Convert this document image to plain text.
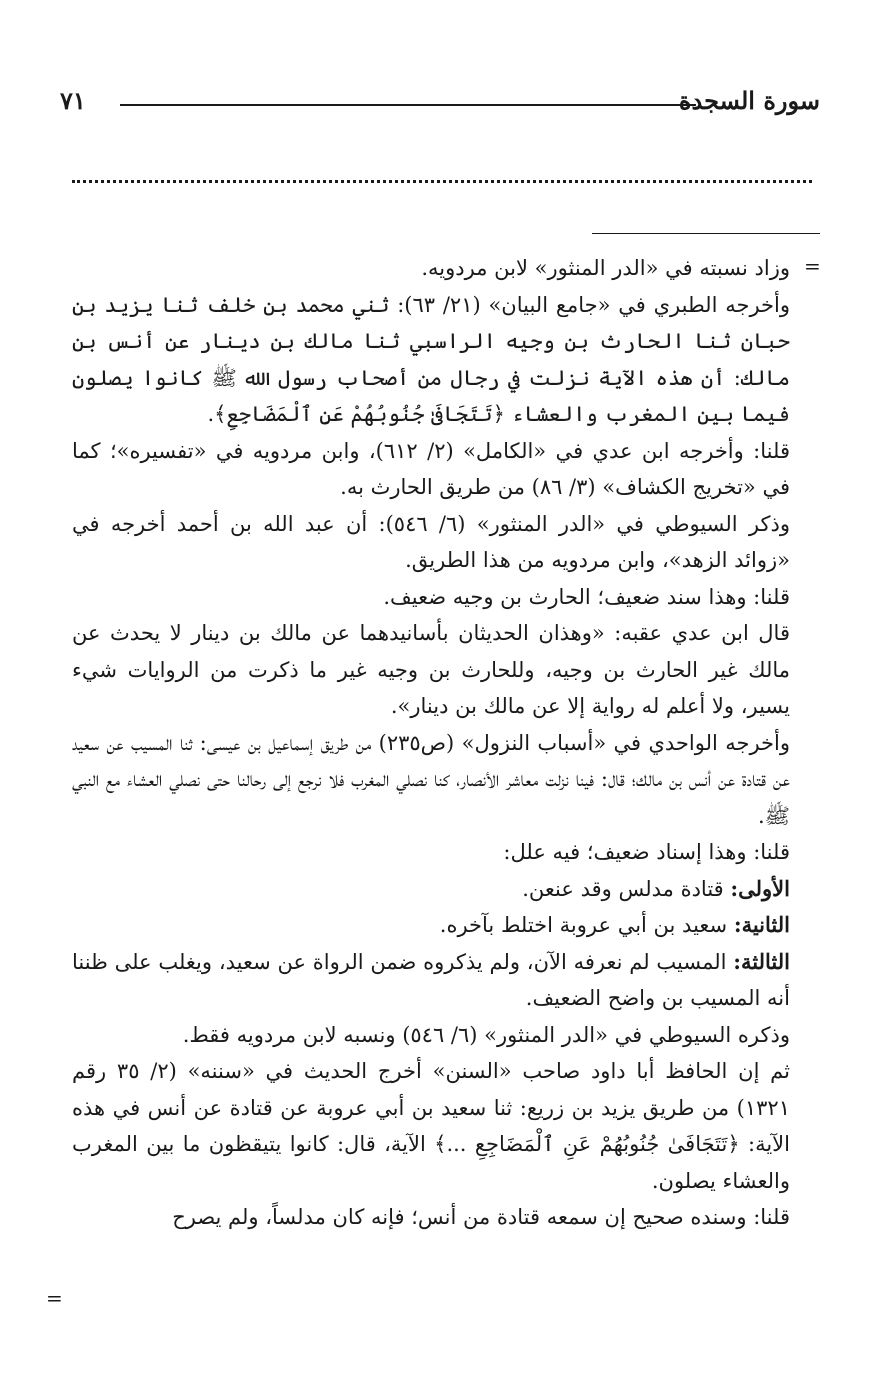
سورة السجدة
٧١
=
=

وزاد نسبته في «الدر المنثور» لابن مردويه.

وأخرجه الطبري في «جامع البيان» (٢١/ ٦٣): ثني محمد بن خلف ثنا يزيد بن حبان ثنا الحارث بن وجيه الراسبي ثنا مالك بن دينار عن أنس بن مالك: أن هذه الآية نزلت في رجال من أصحاب رسول الله ﷺ كانوا يصلون فيما بين المغرب والعشاء ﴿تَتَجَافَىٰ جُنُوبُهُمْ عَنِ ٱلْمَضَاجِعِ﴾.

قلنا: وأخرجه ابن عدي في «الكامل» (٢/ ٦١٢)، وابن مردويه في «تفسيره»؛ كما في «تخريج الكشاف» (٣/ ٨٦) من طريق الحارث به.

وذكر السيوطي في «الدر المنثور» (٦/ ٥٤٦): أن عبد الله بن أحمد أخرجه في «زوائد الزهد»، وابن مردويه من هذا الطريق.

قلنا: وهذا سند ضعيف؛ الحارث بن وجيه ضعيف.

قال ابن عدي عقبه: «وهذان الحديثان بأسانيدهما عن مالك بن دينار لا يحدث عن مالك غير الحارث بن وجيه، وللحارث بن وجيه غير ما ذكرت من الروايات شيء يسير، ولا أعلم له رواية إلا عن مالك بن دينار».

وأخرجه الواحدي في «أسباب النزول» (ص٢٣٥) من طريق إسماعيل بن عيسى: ثنا المسيب عن سعيد عن قتادة عن أنس بن مالك؛ قال: فينا نزلت معاشر الأنصار، كنا نصلي المغرب فلا نرجع إلى رحالنا حتى نصلي العشاء مع النبي ﷺ.

قلنا: وهذا إسناد ضعيف؛ فيه علل:

الأولى: قتادة مدلس وقد عنعن.

الثانية: سعيد بن أبي عروبة اختلط بآخره.

الثالثة: المسيب لم نعرفه الآن، ولم يذكروه ضمن الرواة عن سعيد، ويغلب على ظننا أنه المسيب بن واضح الضعيف.

وذكره السيوطي في «الدر المنثور» (٦/ ٥٤٦) ونسبه لابن مردويه فقط.

ثم إن الحافظ أبا داود صاحب «السنن» أخرج الحديث في «سننه» (٢/ ٣٥ رقم ١٣٢١) من طريق يزيد بن زريع: ثنا سعيد بن أبي عروبة عن قتادة عن أنس في هذه الآية: ﴿تَتَجَافَىٰ جُنُوبُهُمْ عَنِ ٱلْمَضَاجِعِ ...﴾ الآية، قال: كانوا يتيقظون ما بين المغرب والعشاء يصلون.

قلنا: وسنده صحيح إن سمعه قتادة من أنس؛ فإنه كان مدلساً، ولم يصرح
